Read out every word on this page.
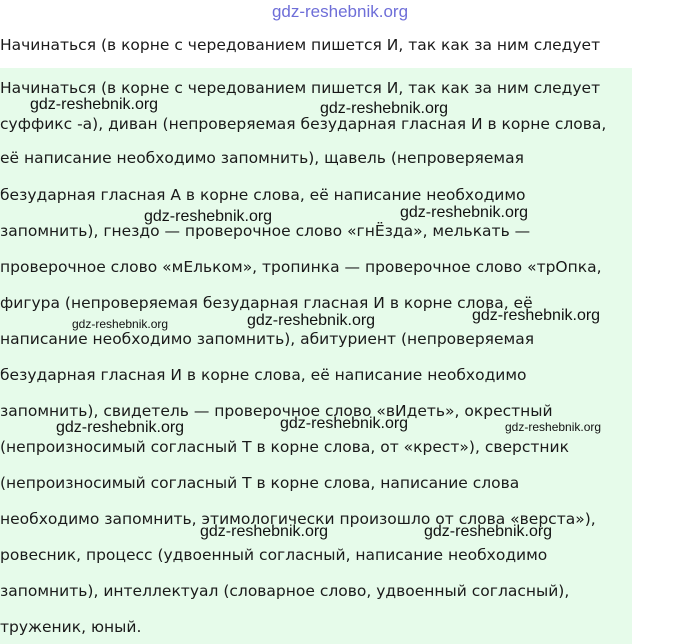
gdz-reshebnik.org
Начинаться (в корне с чередованием пишется И, так как за ним следует
Начинаться (в корне с чередованием пишется И, так как за ним следует
суффикс -а), диван (непроверяемая безударная гласная И в корне слова,
её написание необходимо запомнить), щавель (непроверяемая
безударная гласная А в корне слова, её написание необходимо
запомнить), гнездо — проверочное слово «гнЁзда», мелькать —
проверочное слово «мЕльком», тропинка — проверочное слово «трОпка,
фигура (непроверяемая безударная гласная И в корне слова, её
написание необходимо запомнить), абитуриент (непроверяемая
безударная гласная И в корне слова, её написание необходимо
запомнить), свидетель — проверочное слово «вИдеть», окрестный
(непроизносимый согласный Т в корне слова, от «крест»), сверстник
(непроизносимый согласный Т в корне слова, написание слова
необходимо запомнить, этимологически произошло от слова «верста»),
ровесник, процесс (удвоенный согласный, написание необходимо
запомнить), интеллектуал (словарное слово, удвоенный согласный),
труженик, юный.
gdz-reshebnik.org	gdz-reshebnik.org
gdz-reshebnik.org	gdz-reshebnik.org
gdz-reshebnik.org	gdz-reshebnik.org	gdz-reshebnik.org
gdz-reshebnik.org	gdz-reshebnik.org	gdz-reshebnik.org
gdz-reshebnik.org	gdz-reshebnik.org
